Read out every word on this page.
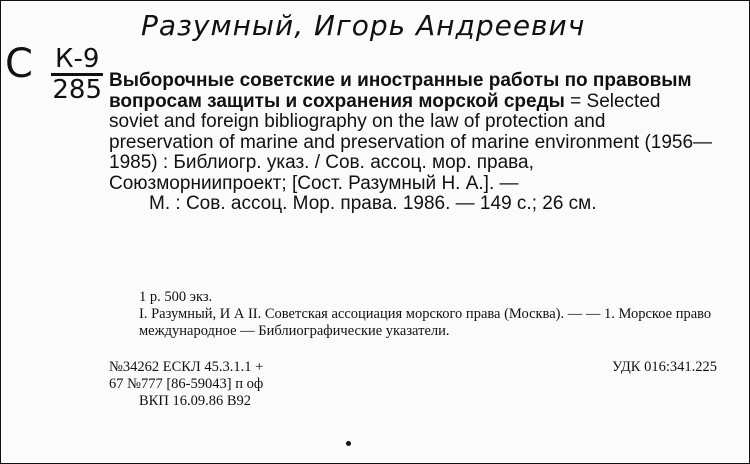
Разумный, Игорь Андреевич
С К-9
285 Выборочные советские и иностранные работы по правовым вопросам защиты и сохранения морской среды = Selected soviet and foreign bibliography on the law of protection and preservation of marine and preservation of marine environment (1956—1985) : Библиогр. указ. / Сов. ассоц. мор. права, Союзморниипроект; [Сост. Разумный Н. А.]. —
М. : Сов. ассоц. Мор. права. 1986. — 149 с.; 26 см.
1 р. 500 экз.
I. Разумный, И А II. Советская ассоциация морского права (Москва). — — 1. Морское право международное — Библиографические указатели.
№34262 ЕСКЛ 45.3.1.1 +
67 №777 [86-59043] п оф
ВКП 16.09.86 В92
УДК 016:341.225
